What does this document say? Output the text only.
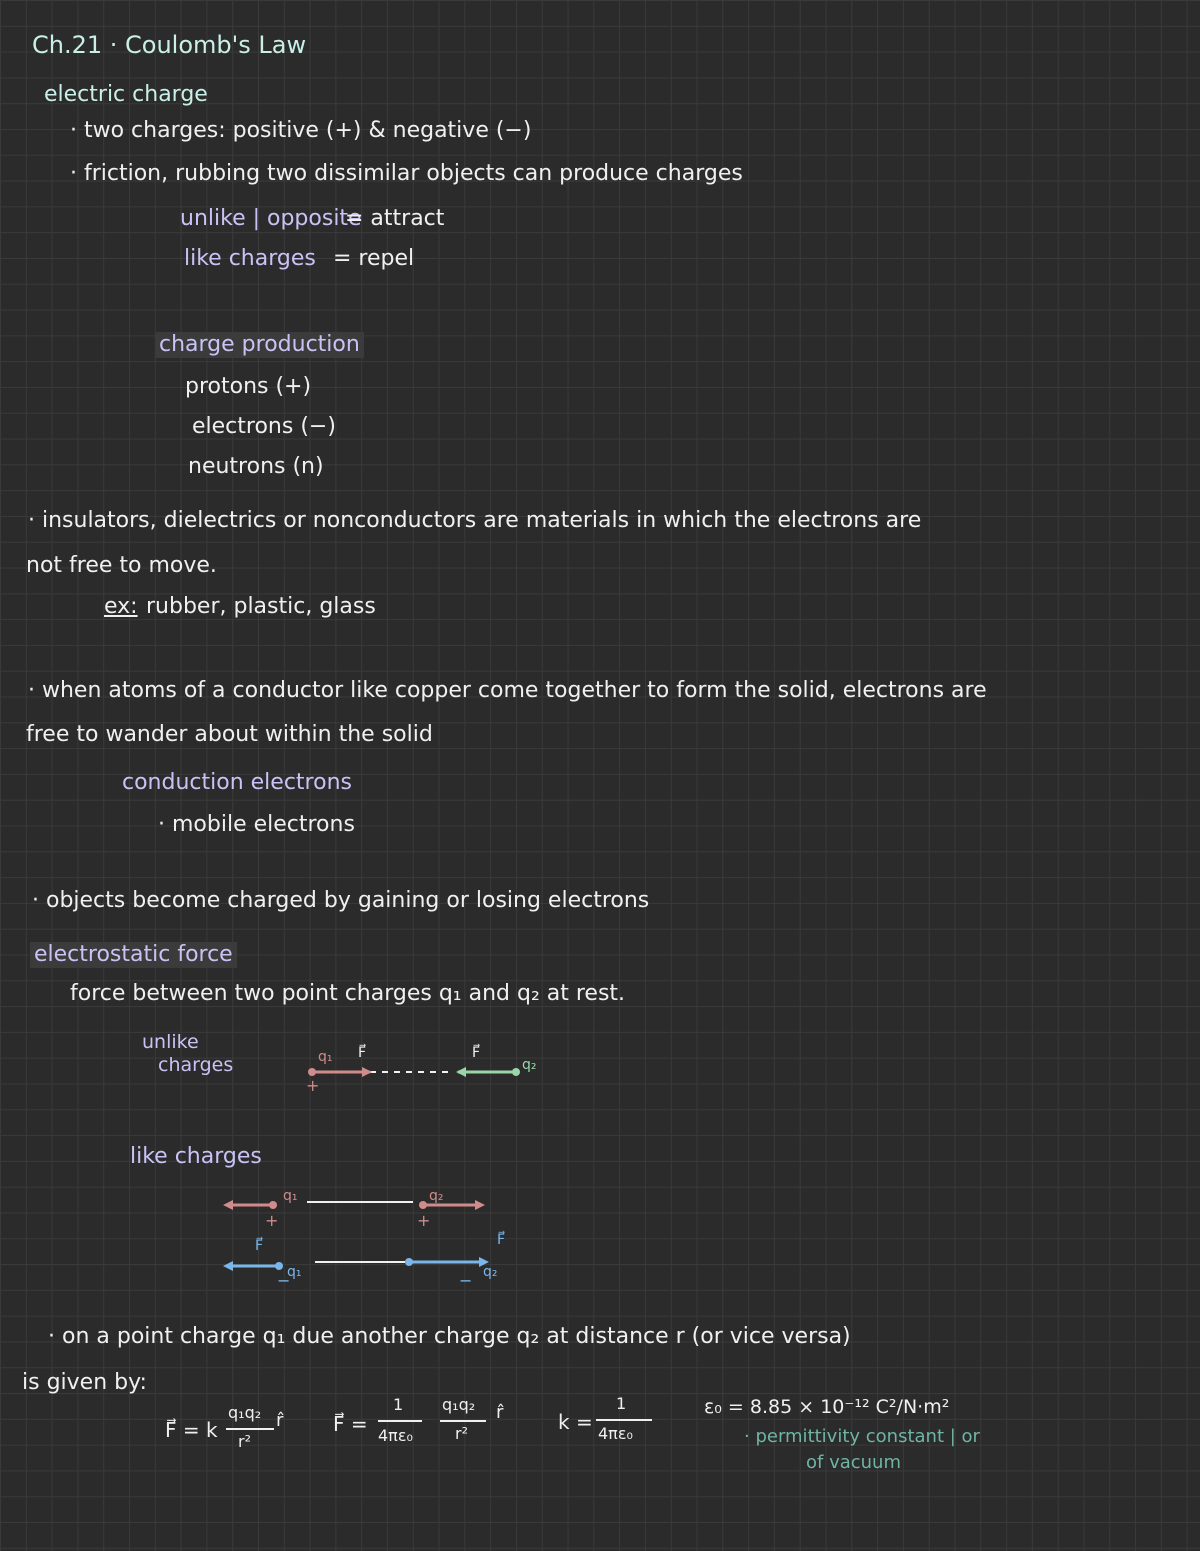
Ch.21 · Coulomb's Law
electric charge
· two charges: positive (+) & negative (−)
· friction, rubbing two dissimilar objects can produce charges
unlike | opposite
= attract
like charges = repel
charge production
protons (+)
electrons (−)
neutrons (n)
· insulators, dielectrics or nonconductors are materials in which the electrons are
not free to move.
ex: rubber, plastic, glass
· when atoms of a conductor like copper come together to form the solid, electrons are
free to wander about within the solid
conduction electrons
· mobile electrons
· objects become charged by gaining or losing electrons
electrostatic force
force between two point charges q₁ and q₂ at rest.
unlike
charges	q₁
+
F⃗	F⃗
q₂
like charges
q₁	q₂
+	+
F⃗
q₁	q₂
−	−
F⃗
· on a point charge q₁ due another charge q₂ at distance r (or vice versa)
is given by:
F⃗ = k
q₁q₂
r²
r̂ F⃗ =
1
4πε₀
q₁q₂
r²
r̂	k =
1
4πε₀
ε₀ = 8.85 × 10⁻¹² C²/N·m²
· permittivity constant | or
of vacuum
